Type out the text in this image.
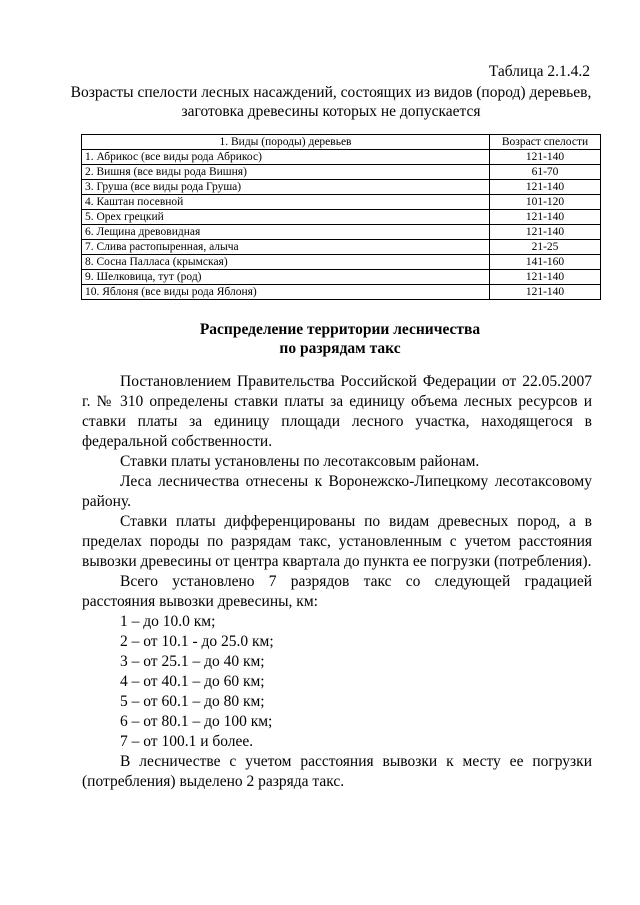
Таблица 2.1.4.2
Возрасты спелости лесных насаждений, состоящих из видов (пород) деревьев,
заготовка древесины которых не допускается
1. Виды (породы) деревьев	Возраст спелости
1. Абрикос (все виды рода Абрикос)	121-140
2. Вишня (все виды рода Вишня)	61-70
3. Груша (все виды рода Груша)	121-140
4. Каштан посевной	101-120
5. Орех грецкий	121-140
6. Лещина древовидная	121-140
7. Слива растопыренная, алыча	21-25
8. Сосна Палласа (крымская)	141-160
9. Шелковица, тут (род)	121-140
10. Яблоня (все виды рода Яблоня)	121-140
Распределение территории лесничества
по разрядам такс

Постановлением Правительства Российской Федерации от 22.05.2007 г. № 310 определены ставки платы за единицу объема лесных ресурсов и ставки платы за единицу площади лесного участка, находящегося в федеральной собственности.

Ставки платы установлены по лесотаксовым районам.

Леса лесничества отнесены к Воронежско-Липецкому лесотаксовому району.

Ставки платы дифференцированы по видам древесных пород, а в пределах породы по разрядам такс, установленным с учетом расстояния вывозки древесины от центра квартала до пункта ее погрузки (потребления).

Всего установлено 7 разрядов такс со следующей градацией расстояния вывозки древесины, км:

1 – до 10.0 км;
2 – от 10.1 - до 25.0 км;
3 – от 25.1 – до 40 км;
4 – от 40.1 – до 60 км;
5 – от 60.1 – до 80 км;
6 – от 80.1 – до 100 км;
7 – от 100.1 и более.

В лесничестве с учетом расстояния вывозки к месту ее погрузки (потребления) выделено 2 разряда такс.
